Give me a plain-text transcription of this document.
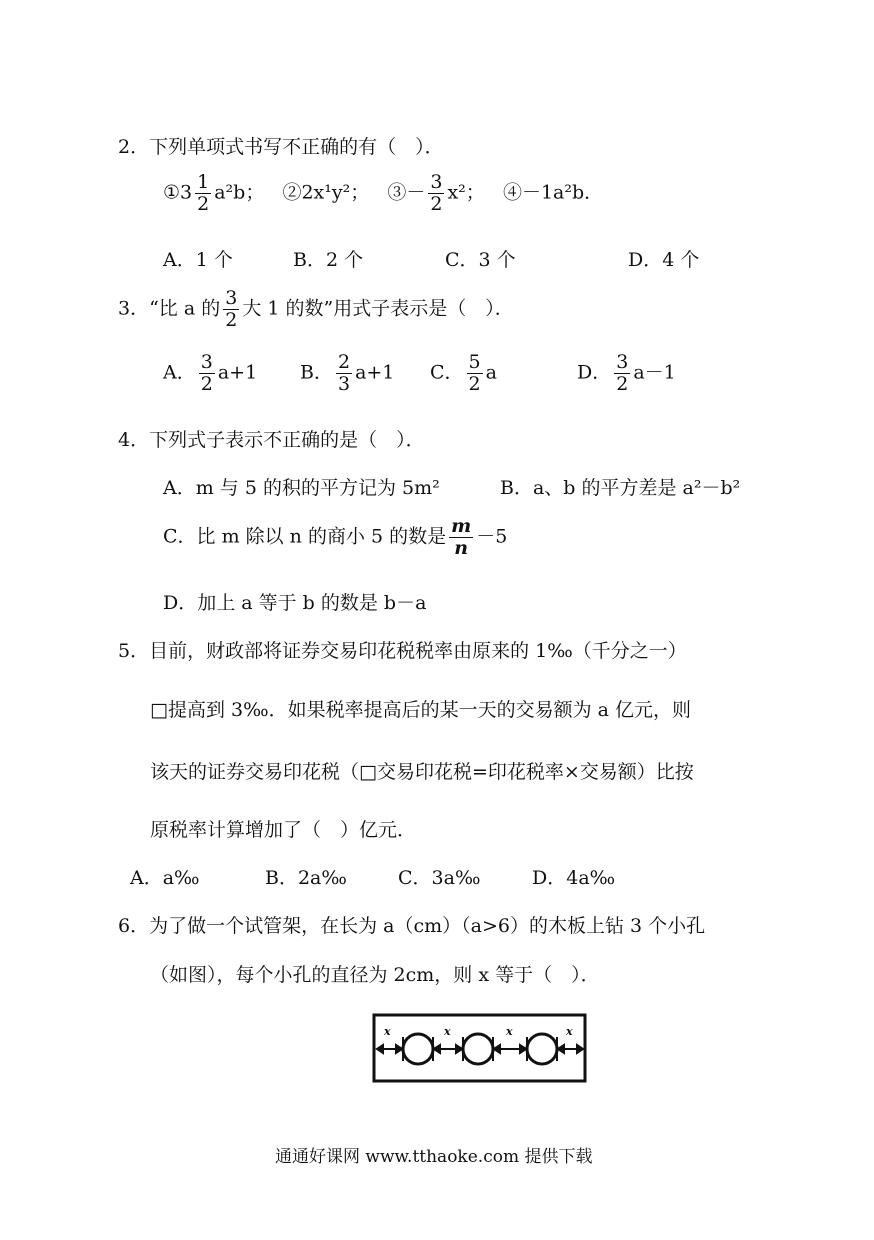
2．下列单项式书写不正确的有（　）．
①3 $\frac{1}{2} a^2b$； ②2x¹y²； ③－ $\frac{3}{2} x^2$； ④－1a²b．
A．1 个	B．2 个	C．3 个	D．4 个
3．“比 a 的 $\frac{3}{2}$ 大 1 的数”用式子表示是（　）．
A． $\frac{3}{2} a+1$ B． $\frac{2}{3} a+1$ C． $\frac{5}{2}$ a	D． $\frac{3}{2} a-1$
4．下列式子表示不正确的是（　）．
A．m 与 5 的积的平方记为 5m²	B．a、b 的平方差是 a²－b²
C．比 m 除以 n 的商小 5 的数是 $\frac{m}{n} -5$
D．加上 a 等于 b 的数是 b－a
5．目前，财政部将证券交易印花税税率由原来的 1‰（千分之一）
□提高到 3‰．如果税率提高后的某一天的交易额为 a 亿元，则
该天的证券交易印花税（□交易印花税=印花税率×交易额）比按
原税率计算增加了（　）亿元．
A．a‰	B．2a‰	C．3a‰	D．4a‰
6．为了做一个试管架，在长为 a（cm）（a>6）的木板上钻 3 个小孔
（如图），每个小孔的直径为 2cm，则 x 等于（　）．
x	x	x	x
通通好课网 www.tthaoke.com 提供下载
